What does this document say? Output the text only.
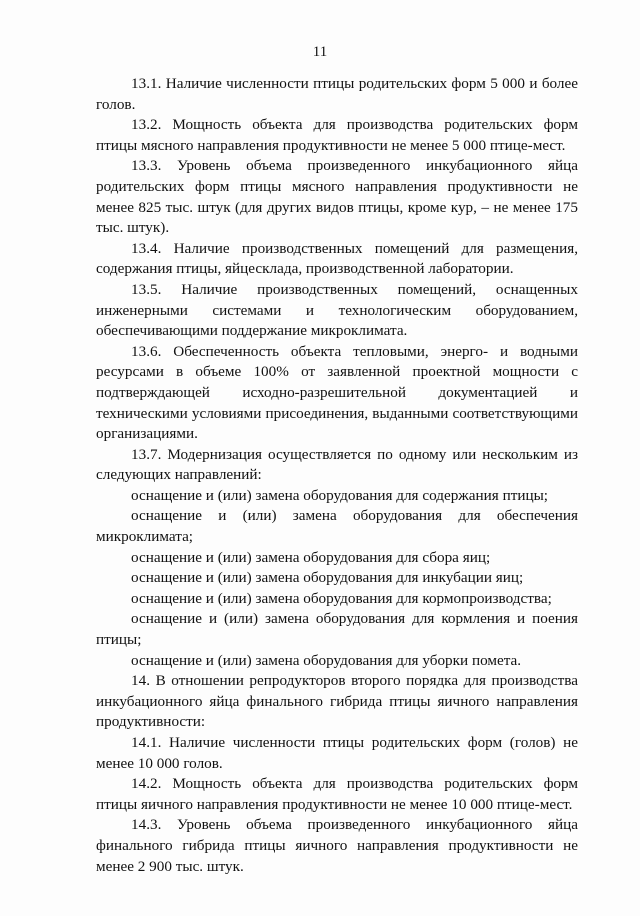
11

13.1. Наличие численности птицы родительских форм 5 000 и более голов.

13.2. Мощность объекта для производства родительских форм птицы мясного направления продуктивности не менее 5 000 птице-мест.

13.3. Уровень объема произведенного инкубационного яйца родительских форм птицы мясного направления продуктивности не менее 825 тыс. штук (для других видов птицы, кроме кур, – не менее 175 тыс. штук).

13.4. Наличие производственных помещений для размещения, содержания птицы, яйцесклада, производственной лаборатории.

13.5. Наличие производственных помещений, оснащенных инженерными системами и технологическим оборудованием, обеспечивающими поддержание микроклимата.

13.6. Обеспеченность объекта тепловыми, энерго- и водными ресурсами в объеме 100% от заявленной проектной мощности с подтверждающей исходно-разрешительной документацией и техническими условиями присоединения, выданными соответствующими организациями.

13.7. Модернизация осуществляется по одному или нескольким из следующих направлений:

оснащение и (или) замена оборудования для содержания птицы;

оснащение и (или) замена оборудования для обеспечения микроклимата;

оснащение и (или) замена оборудования для сбора яиц;

оснащение и (или) замена оборудования для инкубации яиц;

оснащение и (или) замена оборудования для кормопроизводства;

оснащение и (или) замена оборудования для кормления и поения птицы;

оснащение и (или) замена оборудования для уборки помета.

14. В отношении репродукторов второго порядка для производства инкубационного яйца финального гибрида птицы яичного направления продуктивности:

14.1. Наличие численности птицы родительских форм (голов) не менее 10 000 голов.

14.2. Мощность объекта для производства родительских форм птицы яичного направления продуктивности не менее 10 000 птице-мест.

14.3. Уровень объема произведенного инкубационного яйца финального гибрида птицы яичного направления продуктивности не менее 2 900 тыс. штук.
